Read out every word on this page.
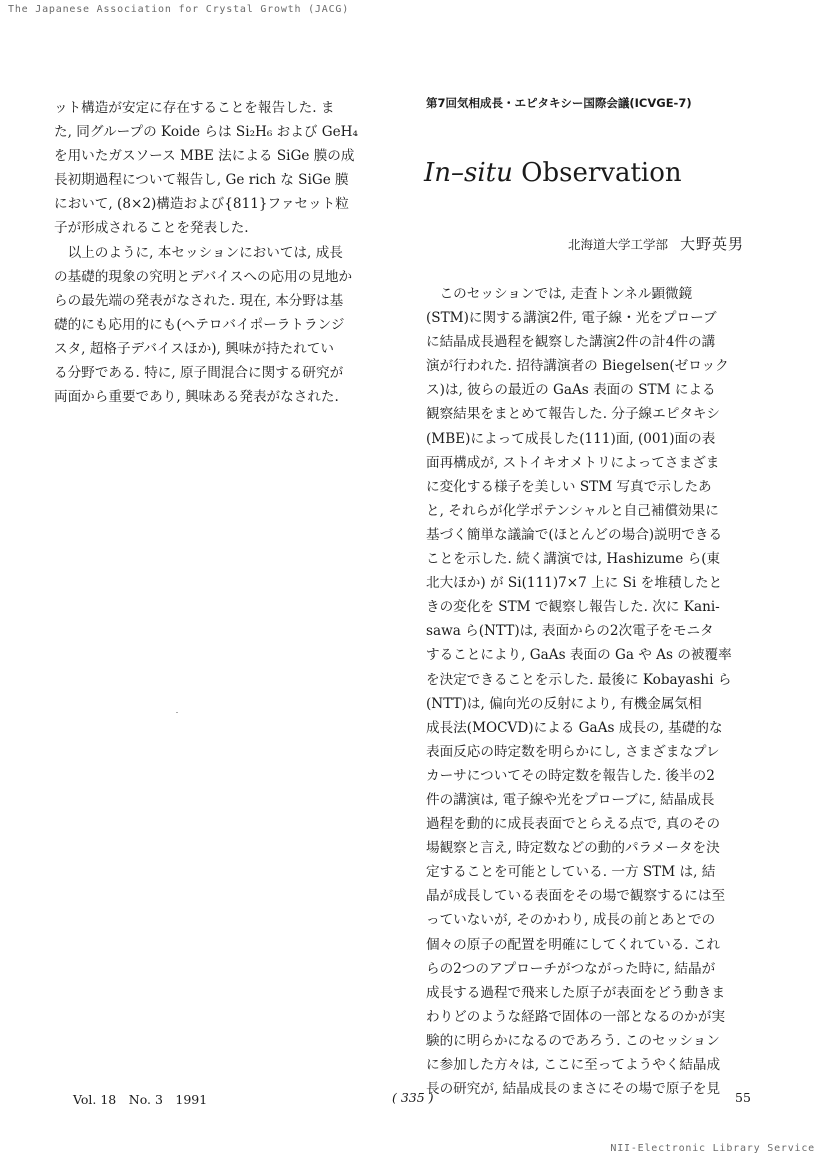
The Japanese Association for Crystal Growth (JACG)
ット構造が安定に存在することを報告した. ま
た, 同グループの Koide らは Si₂H₆ および GeH₄
を用いたガスソース MBE 法による SiGe 膜の成
長初期過程について報告し, Ge rich な SiGe 膜
において, (8×2)構造および{811}ファセット粒
子が形成されることを発表した.
　以上のように, 本セッションにおいては, 成長
の基礎的現象の究明とデバイスへの応用の見地か
らの最先端の発表がなされた. 現在, 本分野は基
礎的にも応用的にも(ヘテロバイポーラトランジ
スタ, 超格子デバイスほか), 興味が持たれてい
る分野である. 特に, 原子間混合に関する研究が
両面から重要であり, 興味ある発表がなされた.
第7回気相成長・エピタキシー国際会議(ICVGE-7)
In–situ Observation
北海道大学工学部 大野英男
　このセッションでは, 走査トンネル顕微鏡
(STM)に関する講演2件, 電子線・光をプローブ
に結晶成長過程を観察した講演2件の計4件の講
演が行われた. 招待講演者の Biegelsen(ゼロック
ス)は, 彼らの最近の GaAs 表面の STM による
観察結果をまとめて報告した. 分子線エピタキシ
(MBE)によって成長した(111)面, (001)面の表
面再構成が, ストイキオメトリによってさまざま
に変化する様子を美しい STM 写真で示したあ
と, それらが化学ポテンシャルと自己補償効果に
基づく簡単な議論で(ほとんどの場合)説明できる
ことを示した. 続く講演では, Hashizume ら(東
北大ほか) が Si(111)7×7 上に Si を堆積したと
きの変化を STM で観察し報告した. 次に Kani-
sawa ら(NTT)は, 表面からの2次電子をモニタ
することにより, GaAs 表面の Ga や As の被覆率
を決定できることを示した. 最後に Kobayashi ら
(NTT)は, 偏向光の反射により, 有機金属気相
成長法(MOCVD)による GaAs 成長の, 基礎的な
表面反応の時定数を明らかにし, さまざまなプレ
カーサについてその時定数を報告した. 後半の2
件の講演は, 電子線や光をプローブに, 結晶成長
過程を動的に成長表面でとらえる点で, 真のその
場観察と言え, 時定数などの動的パラメータを決
定することを可能としている. 一方 STM は, 結
晶が成長している表面をその場で観察するには至
っていないが, そのかわり, 成長の前とあとでの
個々の原子の配置を明確にしてくれている. これ
らの2つのアプローチがつながった時に, 結晶が
成長する過程で飛来した原子が表面をどう動きま
わりどのような経路で固体の一部となるのかが実
験的に明らかになるのであろう. このセッション
に参加した方々は, ここに至ってようやく結晶成
長の研究が, 結晶成長のまさにその場で原子を見
Vol. 18　No. 3　1991	( 335 )	55
NII-Electronic Library Service
